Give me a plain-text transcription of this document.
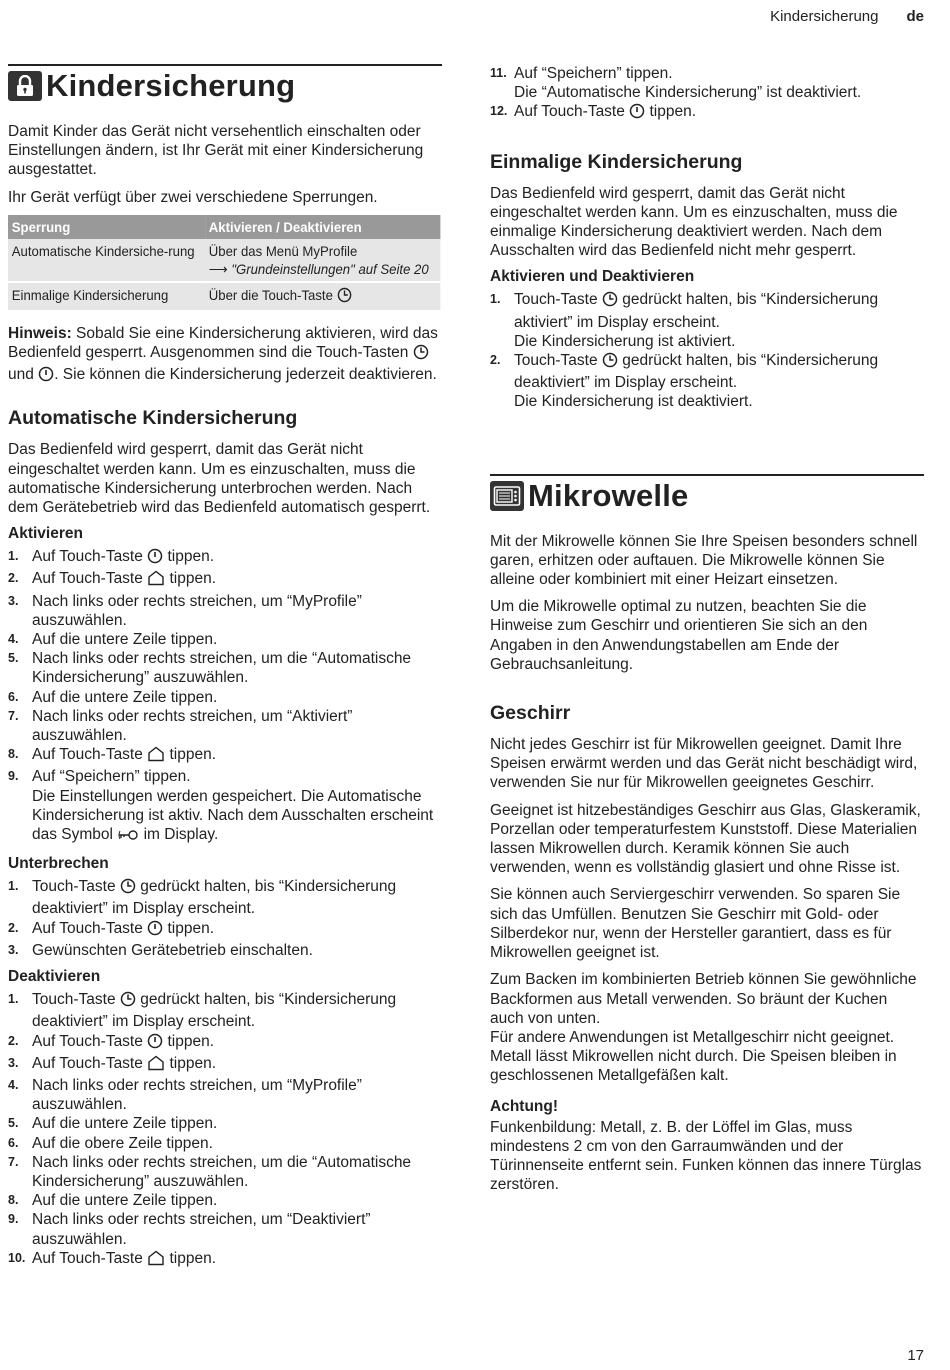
Kindersicherung de
Kindersicherung

Damit Kinder das Gerät nicht versehentlich einschalten oder Einstellungen ändern, ist Ihr Gerät mit einer Kindersicherung ausgestattet.

Ihr Gerät verfügt über zwei verschiedene Sperrungen.

Sperrung	Aktivieren / Deaktivieren
Automatische Kindersiche-rung	Über das Menü MyProfile
⟶ "Grundeinstellungen" auf Seite 20
Einmalige Kindersicherung	Über die Touch-Taste

Hinweis: Sobald Sie eine Kindersicherung aktivieren, wird das Bedienfeld gesperrt. Ausgenommen sind die Touch-Tasten  und . Sie können die Kindersicherung jederzeit deaktivieren.

Automatische Kindersicherung

Das Bedienfeld wird gesperrt, damit das Gerät nicht eingeschaltet werden kann. Um es einzuschalten, muss die automatische Kindersicherung unterbrochen werden. Nach dem Gerätebetrieb wird das Bedienfeld automatisch gesperrt.

Aktivieren
1. Auf Touch-Taste tippen.
2. Auf Touch-Taste tippen.
3. Nach links oder rechts streichen, um “MyProfile” auszuwählen.
4. Auf die untere Zeile tippen.
5. Nach links oder rechts streichen, um die “Automatische Kindersicherung” auszuwählen.
6. Auf die untere Zeile tippen.
7. Nach links oder rechts streichen, um “Aktiviert” auszuwählen.
8. Auf Touch-Taste tippen.
9. Auf “Speichern” tippen.
Die Einstellungen werden gespeichert. Die Automatische Kindersicherung ist aktiv. Nach dem Ausschalten erscheint das Symbol im Display.
Unterbrechen
1. Touch-Taste gedrückt halten, bis “Kindersicherung deaktiviert” im Display erscheint.
2. Auf Touch-Taste tippen.
3. Gewünschten Gerätebetrieb einschalten.
Deaktivieren
1. Touch-Taste gedrückt halten, bis “Kindersicherung deaktiviert” im Display erscheint.
2. Auf Touch-Taste tippen.
3. Auf Touch-Taste tippen.
4. Nach links oder rechts streichen, um “MyProfile” auszuwählen.
5. Auf die untere Zeile tippen.
6. Auf die obere Zeile tippen.
7. Nach links oder rechts streichen, um die “Automatische Kindersicherung” auszuwählen.
8. Auf die untere Zeile tippen.
9. Nach links oder rechts streichen, um “Deaktiviert” auszuwählen.
10. Auf Touch-Taste tippen.
11. Auf “Speichern” tippen.
Die “Automatische Kindersicherung” ist deaktiviert.
12. Auf Touch-Taste tippen.
Einmalige Kindersicherung

Das Bedienfeld wird gesperrt, damit das Gerät nicht eingeschaltet werden kann. Um es einzuschalten, muss die einmalige Kindersicherung deaktiviert werden. Nach dem Ausschalten wird das Bedienfeld nicht mehr gesperrt.

Aktivieren und Deaktivieren
1. Touch-Taste gedrückt halten, bis “Kindersicherung aktiviert” im Display erscheint.
Die Kindersicherung ist aktiviert.
2. Touch-Taste gedrückt halten, bis “Kindersicherung deaktiviert” im Display erscheint.
Die Kindersicherung ist deaktiviert.
Mikrowelle

Mit der Mikrowelle können Sie Ihre Speisen besonders schnell garen, erhitzen oder auftauen. Die Mikrowelle können Sie alleine oder kombiniert mit einer Heizart einsetzen.

Um die Mikrowelle optimal zu nutzen, beachten Sie die Hinweise zum Geschirr und orientieren Sie sich an den Angaben in den Anwendungstabellen am Ende der Gebrauchsanleitung.

Geschirr

Nicht jedes Geschirr ist für Mikrowellen geeignet. Damit Ihre Speisen erwärmt werden und das Gerät nicht beschädigt wird, verwenden Sie nur für Mikrowellen geeignetes Geschirr.

Geeignet ist hitzebeständiges Geschirr aus Glas, Glaskeramik, Porzellan oder temperaturfestem Kunststoff. Diese Materialien lassen Mikrowellen durch. Keramik können Sie auch verwenden, wenn es vollständig glasiert und ohne Risse ist.

Sie können auch Serviergeschirr verwenden. So sparen Sie sich das Umfüllen. Benutzen Sie Geschirr mit Gold- oder Silberdekor nur, wenn der Hersteller garantiert, dass es für Mikrowellen geeignet ist.

Zum Backen im kombinierten Betrieb können Sie gewöhnliche Backformen aus Metall verwenden. So bräunt der Kuchen auch von unten.
Für andere Anwendungen ist Metallgeschirr nicht geeignet. Metall lässt Mikrowellen nicht durch. Die Speisen bleiben in geschlossenen Metallgefäßen kalt.

Achtung!

Funkenbildung: Metall, z. B. der Löffel im Glas, muss mindestens 2 cm von den Garraumwänden und der Türinnenseite entfernt sein. Funken können das innere Türglas zerstören.

17
